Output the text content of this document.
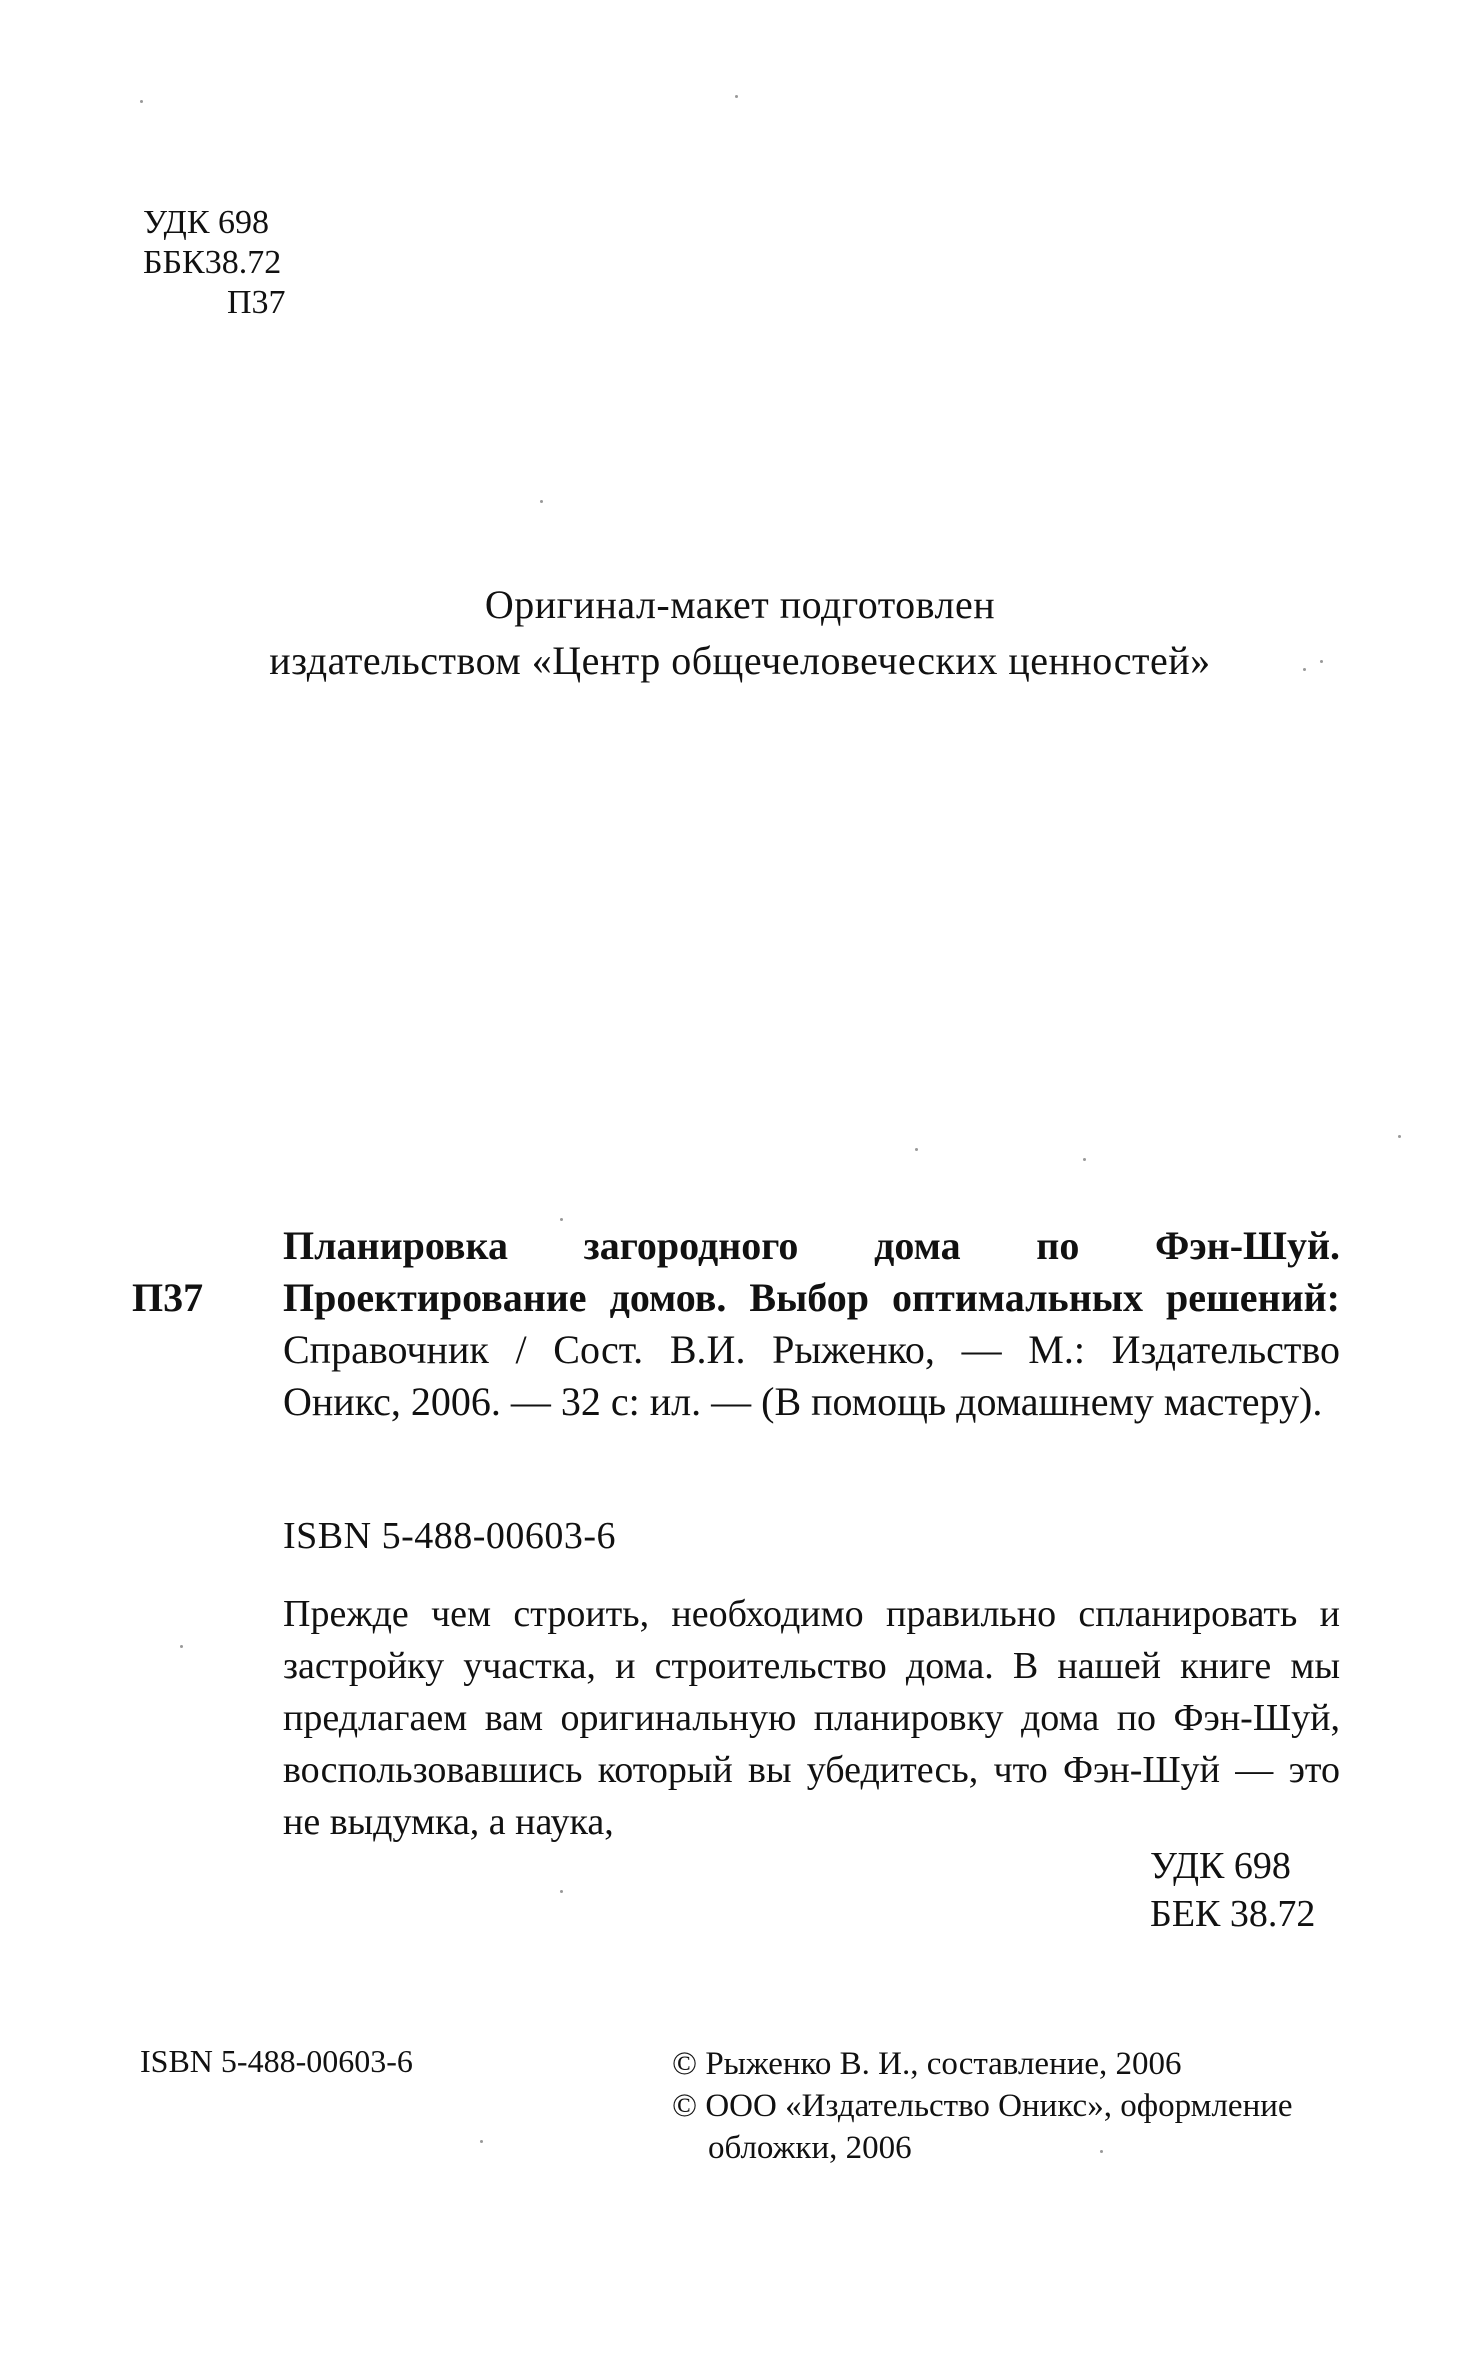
УДК 698
ББК38.72
П37
Оригинал-макет подготовлен
издательством «Центр общечеловеческих ценностей»
П37
Планировка загородного дома по Фэн-Шуй. Проектирование домов. Выбор оптимальных решений: Справочник / Сост. В.И. Рыженко, — М.: Издательство Оникс, 2006. — 32 с: ил. — (В помощь домашнему мастеру).
ISBN 5-488-00603-6
Прежде чем строить, необходимо правильно спланировать и застройку участка, и строительство дома. В нашей книге мы предлагаем вам оригинальную планировку дома по Фэн-Шуй, воспользовавшись который вы убедитесь, что Фэн-Шуй — это не выдумка, а наука,
УДК 698
БЕК 38.72
ISBN 5-488-00603-6	© Рыженко В. И., составление, 2006
© ООО «Издательство Оникс», оформление
обложки, 2006
